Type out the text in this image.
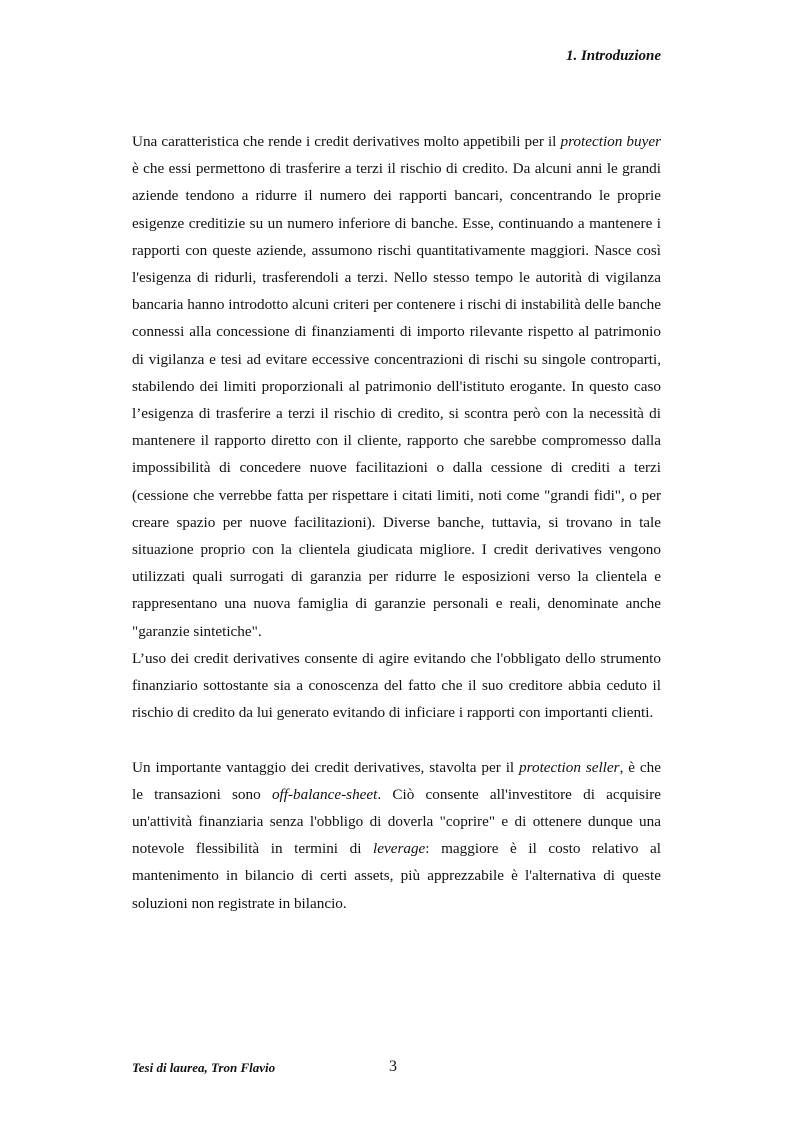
1. Introduzione

Una caratteristica che rende i credit derivatives molto appetibili per il protection buyer è che essi permettono di trasferire a terzi il rischio di credito. Da alcuni anni le grandi aziende tendono a ridurre il numero dei rapporti bancari, concentrando le proprie esigenze creditizie su un numero inferiore di banche. Esse, continuando a mantenere i rapporti con queste aziende, assumono rischi quantitativamente maggiori. Nasce così l'esigenza di ridurli, trasferendoli a terzi. Nello stesso tempo le autorità di vigilanza bancaria hanno introdotto alcuni criteri per contenere i rischi di instabilità delle banche connessi alla concessione di finanziamenti di importo rilevante rispetto al patrimonio di vigilanza e tesi ad evitare eccessive concentrazioni di rischi su singole controparti, stabilendo dei limiti proporzionali al patrimonio dell'istituto erogante. In questo caso l’esigenza di trasferire a terzi il rischio di credito, si scontra però con la necessità di mantenere il rapporto diretto con il cliente, rapporto che sarebbe compromesso dalla impossibilità di concedere nuove facilitazioni o dalla cessione di crediti a terzi (cessione che verrebbe fatta per rispettare i citati limiti, noti come "grandi fidi", o per creare spazio per nuove facilitazioni). Diverse banche, tuttavia, si trovano in tale situazione proprio con la clientela giudicata migliore. I credit derivatives vengono utilizzati quali surrogati di garanzia per ridurre le esposizioni verso la clientela e rappresentano una nuova famiglia di garanzie personali e reali, denominate anche "garanzie sintetiche".

L’uso dei credit derivatives consente di agire evitando che l'obbligato dello strumento finanziario sottostante sia a conoscenza del fatto che il suo creditore abbia ceduto il rischio di credito da lui generato evitando di inficiare i rapporti con importanti clienti.

Un importante vantaggio dei credit derivatives, stavolta per il protection seller, è che le transazioni sono off-balance-sheet. Ciò consente all'investitore di acquisire un'attività finanziaria senza l'obbligo di doverla "coprire" e di ottenere dunque una notevole flessibilità in termini di leverage: maggiore è il costo relativo al mantenimento in bilancio di certi assets, più apprezzabile è l'alternativa di queste soluzioni non registrate in bilancio.

Tesi di laurea, Tron Flavio	3
